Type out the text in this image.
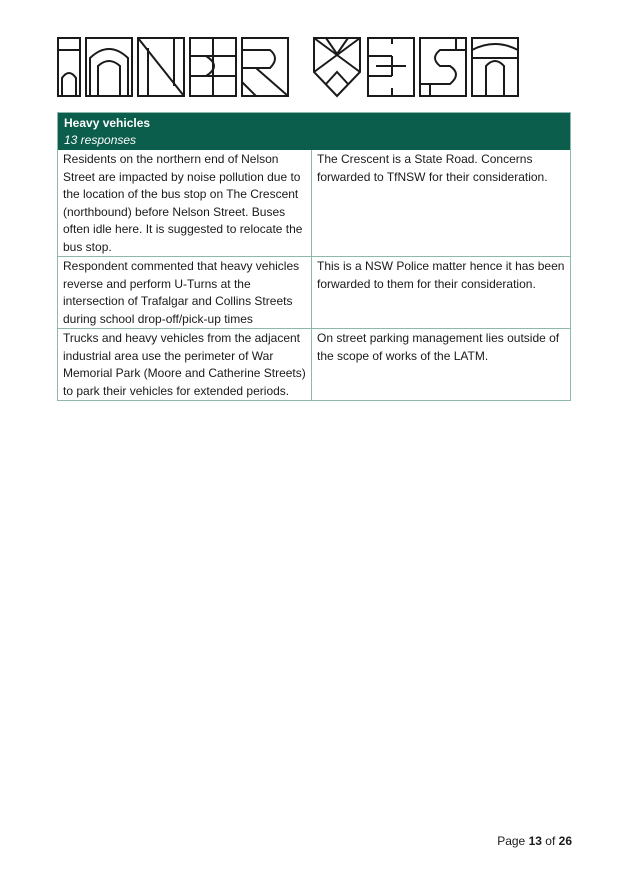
Heavy vehicles
13 responses
Residents on the northern end of Nelson Street are impacted by noise pollution due to the location of the bus stop on The Crescent (northbound) before Nelson Street. Buses often idle here. It is suggested to relocate the bus stop.
The Crescent is a State Road. Concerns forwarded to TfNSW for their consideration.
Respondent commented that heavy vehicles reverse and perform U-Turns at the intersection of Trafalgar and Collins Streets during school drop-off/pick-up times
This is a NSW Police matter hence it has been forwarded to them for their consideration.
Trucks and heavy vehicles from the adjacent industrial area use the perimeter of War Memorial Park (Moore and Catherine Streets) to park their vehicles for extended periods.
On street parking management lies outside of the scope of works of the LATM.
Page 13 of 26
